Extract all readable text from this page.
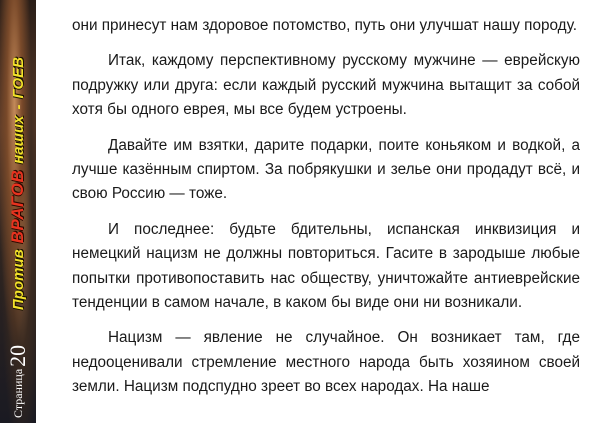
Против
ВРАГОВ
наших
-
ГОЕВ
Страница
20

они принесут нам здоровое потомство, путь они улучшат нашу породу.

Итак, каждому перспективному русскому мужчине — еврейскую подружку или друга: если каждый русский мужчина вытащит за собой хотя бы одного еврея, мы все будем устроены.

Давайте им взятки, дарите подарки, поите коньяком и водкой, а лучше казённым спиртом. За побрякушки и зелье они продадут всё, и свою Россию — тоже.

И последнее: будьте бдительны, испанская инквизиция и немецкий нацизм не должны повториться. Гасите в зародыше любые попытки противопоставить нас обществу, уничтожайте антиеврейские тенденции в самом начале, в каком бы виде они ни возникали.

Нацизм — явление не случайное. Он возникает там, где недооценивали стремление местного народа быть хозяином своей земли. Нацизм подспудно зреет во всех народах. На наше
